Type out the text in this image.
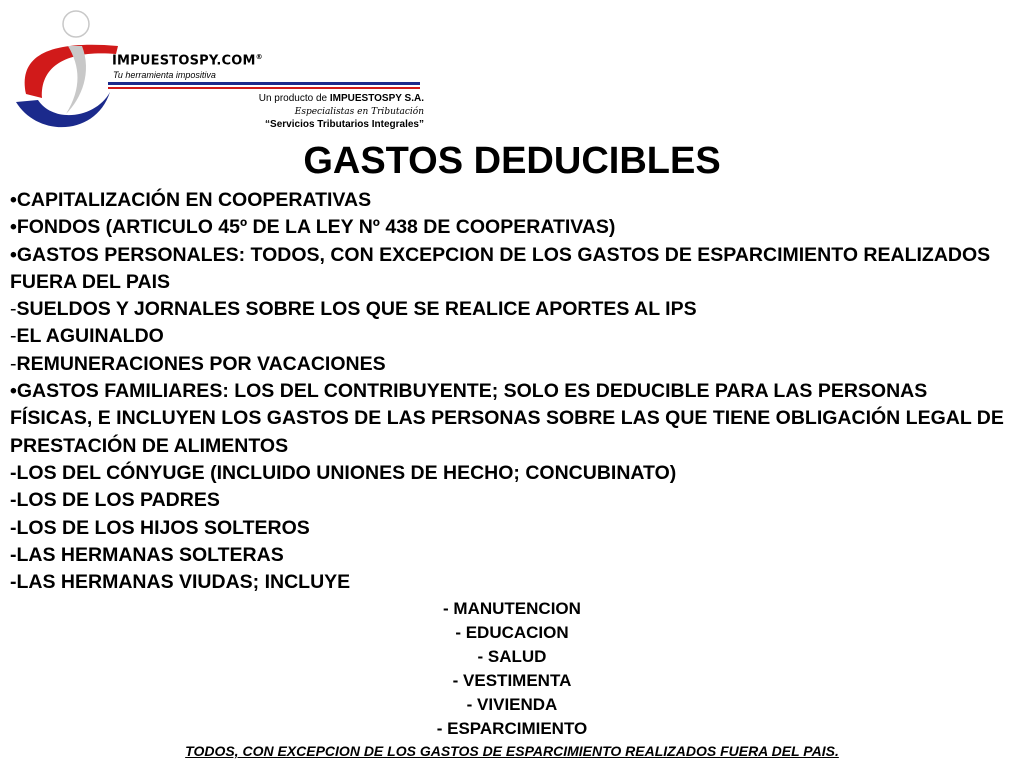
IMPUESTOSPY.COM®
Tu herramienta impositiva
Un producto de IMPUESTOSPY S.A.
Especialistas en Tributación
“Servicios Tributarios Integrales”
GASTOS DEDUCIBLES
•CAPITALIZACIÓN EN COOPERATIVAS
•FONDOS (ARTICULO 45º DE LA LEY Nº 438 DE COOPERATIVAS)
•GASTOS PERSONALES: TODOS, CON EXCEPCION DE LOS GASTOS DE ESPARCIMIENTO REALIZADOS FUERA DEL PAIS
-SUELDOS Y JORNALES SOBRE LOS QUE SE REALICE APORTES AL IPS
-EL AGUINALDO
-REMUNERACIONES POR VACACIONES
•GASTOS FAMILIARES: LOS DEL CONTRIBUYENTE; SOLO ES DEDUCIBLE PARA LAS PERSONAS FÍSICAS, E INCLUYEN LOS GASTOS DE LAS PERSONAS SOBRE LAS QUE TIENE OBLIGACIÓN LEGAL DE PRESTACIÓN DE ALIMENTOS
-LOS DEL CÓNYUGE (INCLUIDO UNIONES DE HECHO; CONCUBINATO)
-LOS DE LOS PADRES
-LOS DE LOS HIJOS SOLTEROS
-LAS HERMANAS SOLTERAS
-LAS HERMANAS VIUDAS; INCLUYE
- MANUTENCION
- EDUCACION
- SALUD
- VESTIMENTA
- VIVIENDA
- ESPARCIMIENTO
TODOS, CON EXCEPCION DE LOS GASTOS DE ESPARCIMIENTO REALIZADOS FUERA DEL PAIS.
